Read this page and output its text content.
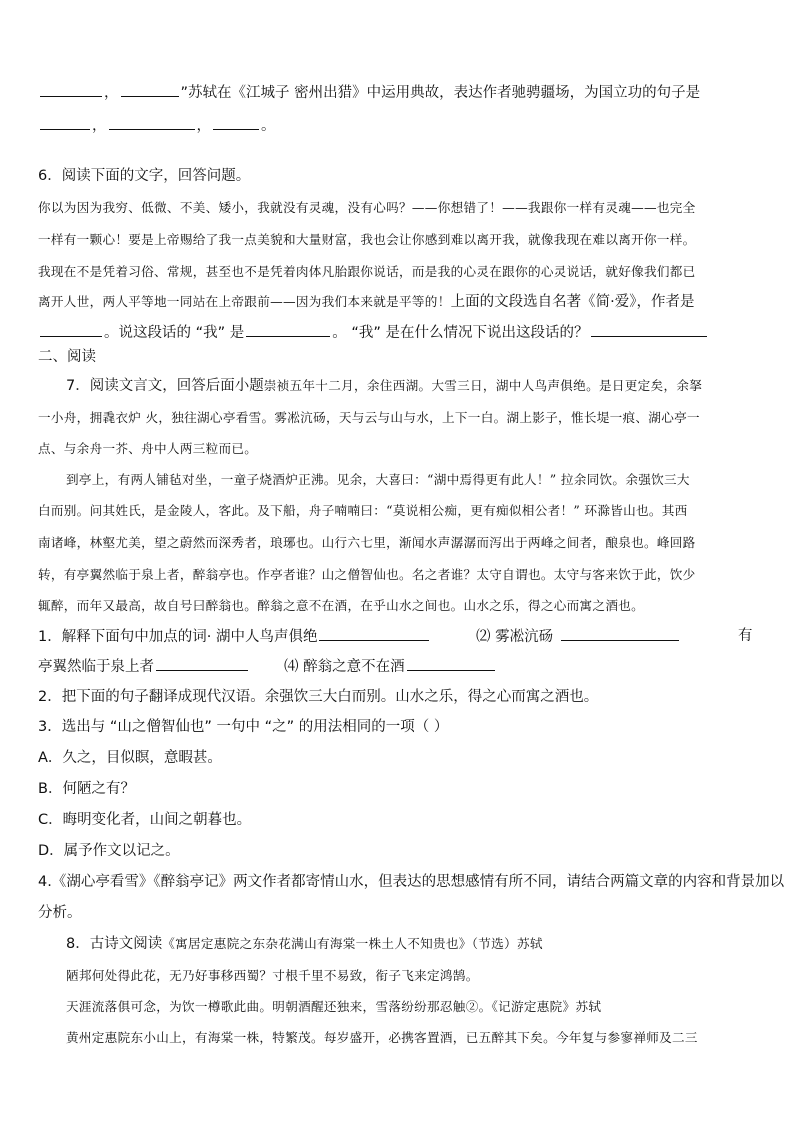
，	”苏轼在《江城子 密州出猎》中运用典故，表达作者驰骋疆场，为国立功的句子是
，	，	。
6．阅读下面的文字，回答问题。
你以为因为我穷、低微、不美、矮小，我就没有灵魂，没有心吗？——你想错了！——我跟你一样有灵魂——也完全
一样有一颗心！要是上帝赐给了我一点美貌和大量财富，我也会让你感到难以离开我，就像我现在难以离开你一样。
我现在不是凭着习俗、常规，甚至也不是凭着肉体凡胎跟你说话，而是我的心灵在跟你的心灵说话，就好像我们都已
离开人世，两人平等地一同站在上帝跟前——因为我们本来就是平等的！上面的文段选自名著《简·爱》，作者是
。说这段话的 “我” 是	。 “我” 是在什么情况下说出这段话的？
二、阅读
7．阅读文言文，回答后面小题崇祯五年十二月，余住西湖。大雪三日，湖中人鸟声俱绝。是日更定矣，余拏
一小舟，拥毳衣炉 火，独往湖心亭看雪。雾凇沆砀，天与云与山与水，上下一白。湖上影子，惟长堤一痕、湖心亭一
点、与余舟一芥、舟中人两三粒而已。
到亭上，有两人铺毡对坐，一童子烧酒炉正沸。见余，大喜曰：“湖中焉得更有此人！” 拉余同饮。余强饮三大
白而别。问其姓氏，是金陵人，客此。及下船，舟子喃喃曰：“莫说相公痴，更有痴似相公者！” 环滁皆山也。其西
南诸峰，林壑尤美，望之蔚然而深秀者，琅琊也。山行六七里，渐闻水声潺潺而泻出于两峰之间者，酿泉也。峰回路
转，有亭翼然临于泉上者，醉翁亭也。作亭者谁？山之僧智仙也。名之者谁？太守自谓也。太守与客来饮于此，饮少
辄醉，而年又最高，故自号曰醉翁也。醉翁之意不在酒，在乎山水之间也。山水之乐，得之心而寓之酒也。
1．解释下面句中加点的词· 湖中人鸟声俱绝	⑵ 雾凇沆砀	有
亭翼然临于泉上者	⑷ 醉翁之意不在酒
2．把下面的句子翻译成现代汉语。余强饮三大白而别。山水之乐，得之心而寓之酒也。
3．选出与 “山之僧智仙也” 一句中 “之” 的用法相同的一项（ ）
A．久之，目似瞑，意暇甚。
B．何陋之有？
C．晦明变化者，山间之朝暮也。
D．属予作文以记之。
4.《湖心亭看雪》《醉翁亭记》两文作者都寄情山水，但表达的思想感情有所不同，请结合两篇文章的内容和背景加以
分析。
8．古诗文阅读《寓居定惠院之东杂花满山有海棠一株土人不知贵也》（节选）苏轼
陋邦何处得此花，无乃好事移西蜀？寸根千里不易致，衔子飞来定鸿鹄。
天涯流落俱可念，为饮一樽歌此曲。明朝酒醒还独来，雪落纷纷那忍触②。《记游定惠院》苏轼
黄州定惠院东小山上，有海棠一株，特繁茂。每岁盛开，必携客置酒，已五醉其下矣。今年复与参寥禅师及二三
